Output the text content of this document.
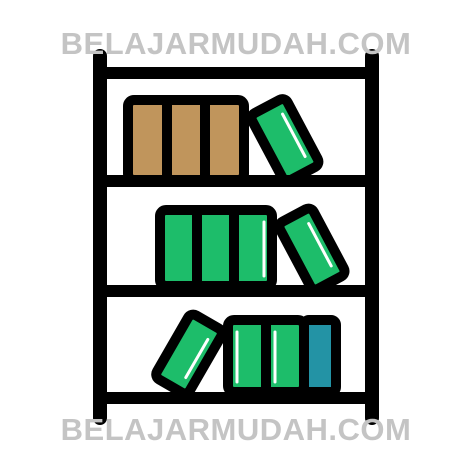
BELAJARMUDAH.COM
BELAJARMUDAH.COM
